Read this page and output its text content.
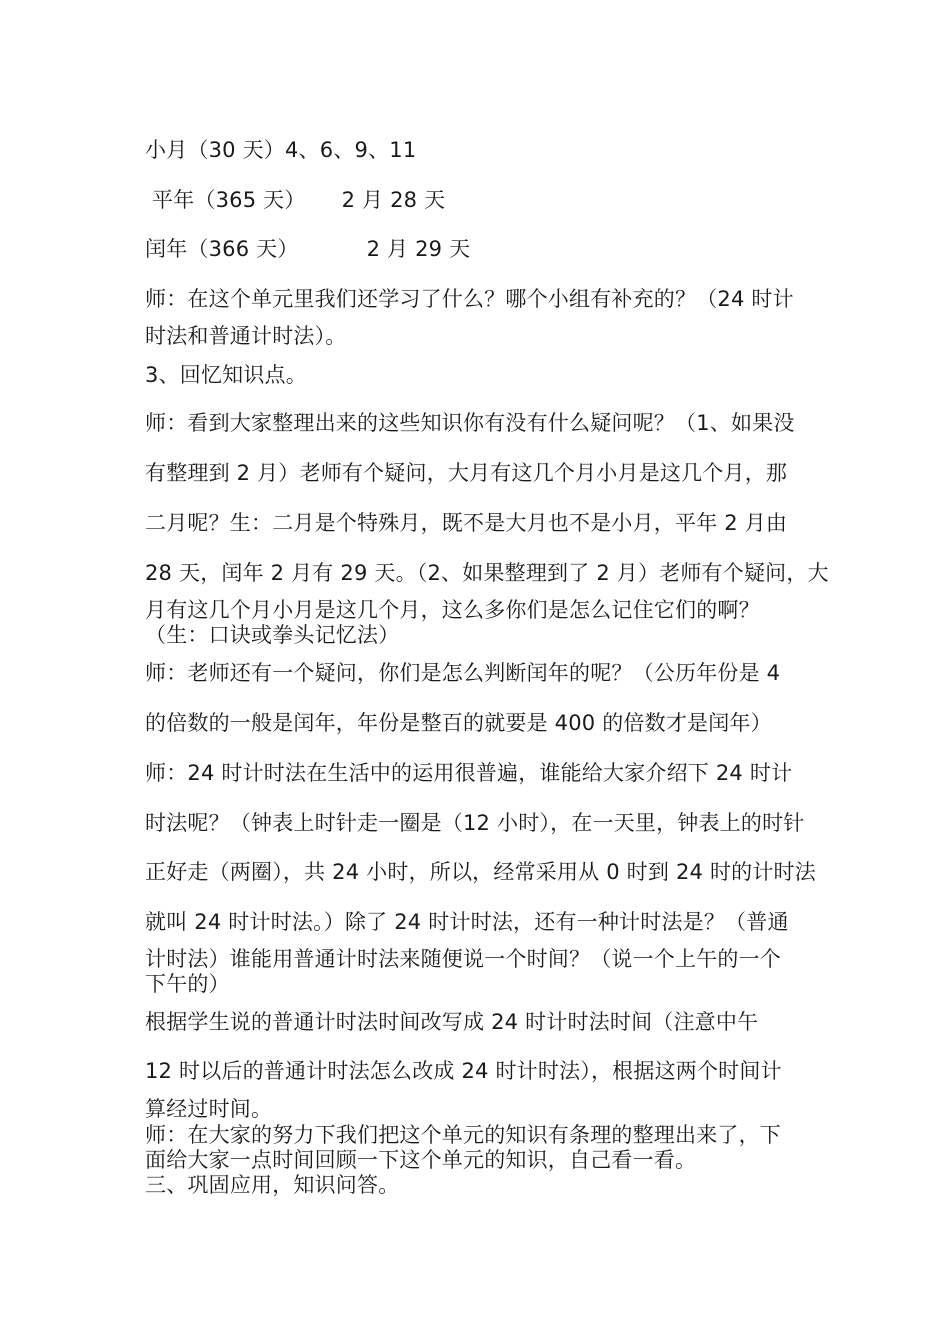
小月（30 天）4、6、9、11
平年（365 天） 2 月 28 天
闰年（366 天）	2 月 29 天
师：在这个单元里我们还学习了什么？哪个小组有补充的？（24 时计
时法和普通计时法）。
3、回忆知识点。
师：看到大家整理出来的这些知识你有没有什么疑问呢？（1、如果没
有整理到 2 月）老师有个疑问，大月有这几个月小月是这几个月，那
二月呢？生：二月是个特殊月，既不是大月也不是小月，平年 2 月由
28 天，闰年 2 月有 29 天。（2、如果整理到了 2 月）老师有个疑问，大
月有这几个月小月是这几个月，这么多你们是怎么记住它们的啊？
（生：口诀或拳头记忆法）
师：老师还有一个疑问，你们是怎么判断闰年的呢？（公历年份是 4
的倍数的一般是闰年，年份是整百的就要是 400 的倍数才是闰年）
师：24 时计时法在生活中的运用很普遍，谁能给大家介绍下 24 时计
时法呢？（钟表上时针走一圈是（12 小时），在一天里，钟表上的时针
正好走（两圈），共 24 小时，所以，经常采用从 0 时到 24 时的计时法
就叫 24 时计时法。）除了 24 时计时法，还有一种计时法是？（普通
计时法）谁能用普通计时法来随便说一个时间？（说一个上午的一个
下午的）
根据学生说的普通计时法时间改写成 24 时计时法时间（注意中午
12 时以后的普通计时法怎么改成 24 时计时法），根据这两个时间计
算经过时间。
师：在大家的努力下我们把这个单元的知识有条理的整理出来了，下
面给大家一点时间回顾一下这个单元的知识，自己看一看。
三、巩固应用，知识问答。
